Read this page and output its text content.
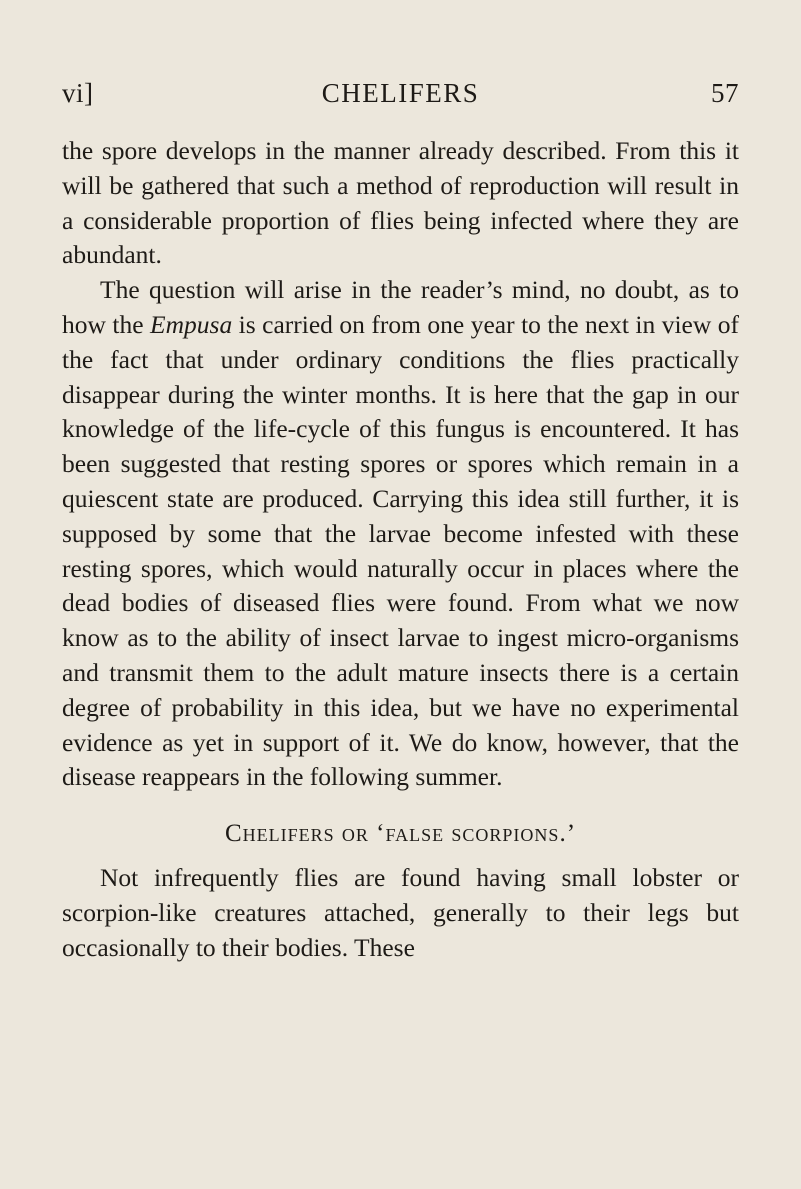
vi]	CHELIFERS	57

the spore develops in the manner already described. From this it will be gathered that such a method of reproduction will result in a considerable proportion of flies being infected where they are abundant.

The question will arise in the reader’s mind, no doubt, as to how the Empusa is carried on from one year to the next in view of the fact that under ordinary conditions the flies practically disappear during the winter months. It is here that the gap in our knowledge of the life-cycle of this fungus is encountered. It has been suggested that resting spores or spores which remain in a quiescent state are produced. Carrying this idea still further, it is supposed by some that the larvae become infested with these resting spores, which would naturally occur in places where the dead bodies of diseased flies were found. From what we now know as to the ability of insect larvae to ingest micro-organisms and transmit them to the adult mature insects there is a certain degree of probability in this idea, but we have no experimental evidence as yet in support of it. We do know, however, that the disease reappears in the following summer.

Chelifers or ‘false scorpions.’

Not infrequently flies are found having small lobster or scorpion-like creatures attached, generally to their legs but occasionally to their bodies. These
